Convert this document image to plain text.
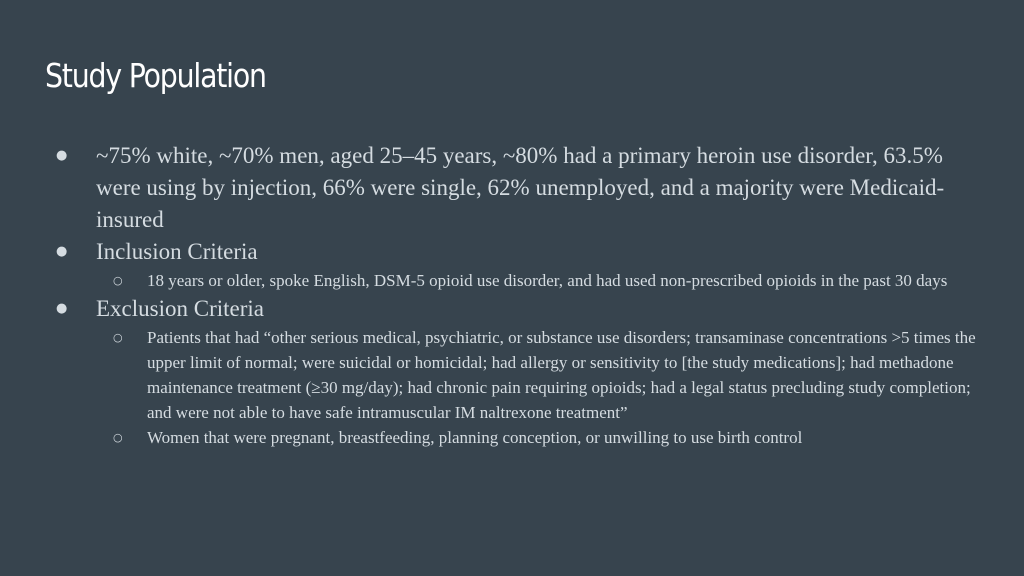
Study Population
● ~75% white, ~70% men, aged 25–45 years, ~80% had a primary heroin use disorder, 63.5% were using by injection, 66% were single, 62% unemployed, and a majority were Medicaid-insured
● Inclusion Criteria
○ 18 years or older, spoke English, DSM-5 opioid use disorder, and had used non-prescribed opioids in the past 30 days
● Exclusion Criteria
○ Patients that had “other serious medical, psychiatric, or substance use disorders; transaminase concentrations >5 times the upper limit of normal; were suicidal or homicidal; had allergy or sensitivity to [the study medications]; had methadone maintenance treatment (≥30 mg/day); had chronic pain requiring opioids; had a legal status precluding study completion; and were not able to have safe intramuscular IM naltrexone treatment”
○ Women that were pregnant, breastfeeding, planning conception, or unwilling to use birth control
